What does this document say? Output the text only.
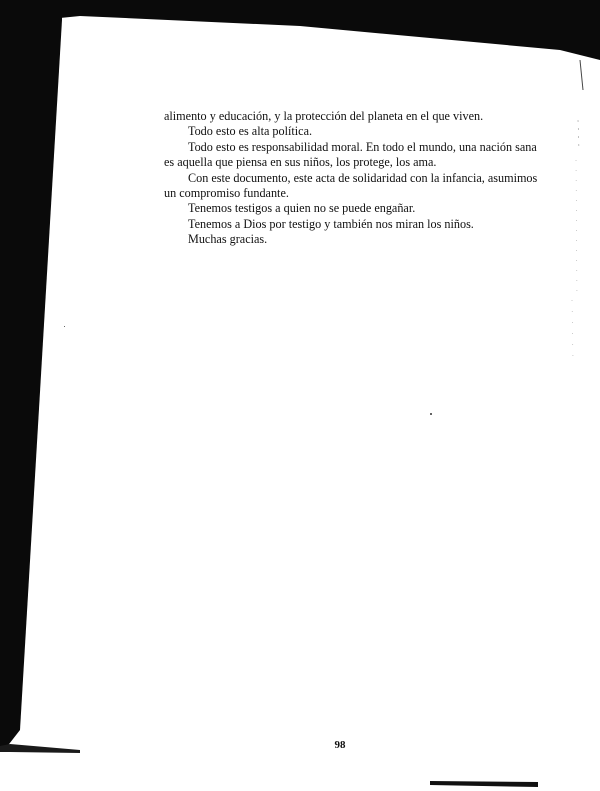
alimento y educación, y la protección del planeta en el que viven.

Todo esto es alta política.

Todo esto es responsabilidad moral. En todo el mundo, una nación sana es aquella que piensa en sus niños, los protege, los ama.

Con este documento, este acta de solidaridad con la infancia, asumimos un compromiso fundante.

Tenemos testigos a quien no se puede engañar.

Tenemos a Dios por testigo y también nos miran los niños.

Muchas gracias.

98
